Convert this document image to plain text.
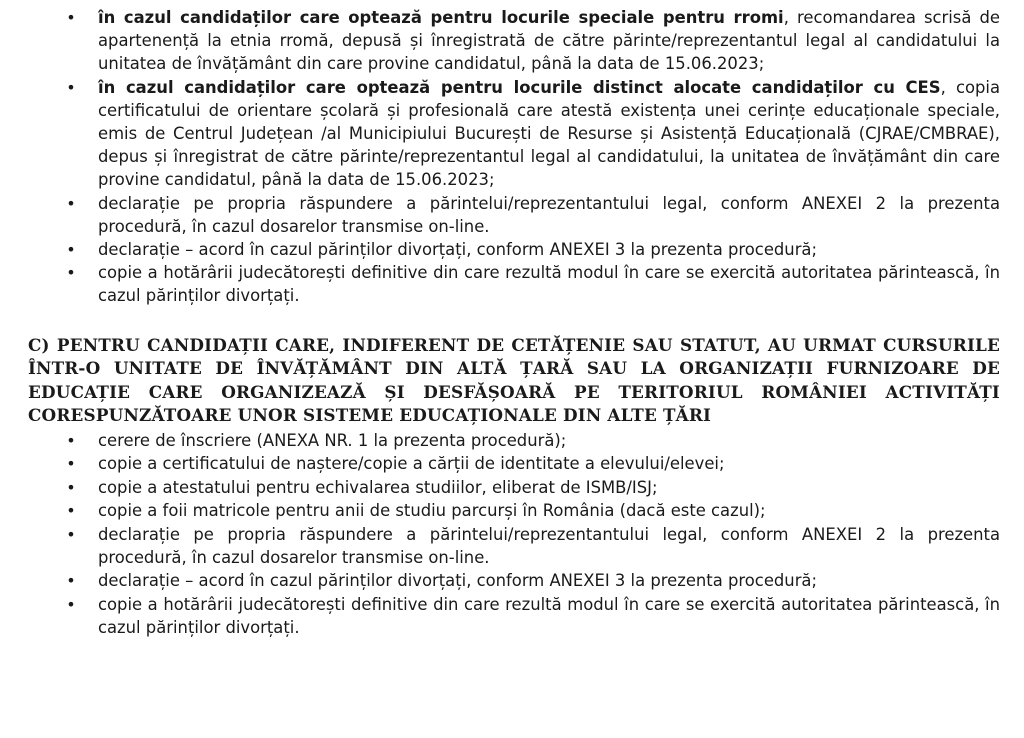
• în cazul candidaților care optează pentru locurile speciale pentru rromi, recomandarea scrisă de apartenență la etnia rromă, depusă și înregistrată de către părinte/reprezentantul legal al candidatului la unitatea de învățământ din care provine candidatul, până la data de 15.06.2023;
• în cazul candidaților care optează pentru locurile distinct alocate candidaților cu CES, copia certificatului de orientare școlară și profesională care atestă existența unei cerințe educaționale speciale, emis de Centrul Județean /al Municipiului București de Resurse și Asistență Educațională (CJRAE/CMBRAE), depus și înregistrat de către părinte/reprezentantul legal al candidatului, la unitatea de învățământ din care provine candidatul, până la data de 15.06.2023;
• declarație pe propria răspundere a părintelui/reprezentantului legal, conform ANEXEI 2 la prezenta procedură, în cazul dosarelor transmise on-line.
• declarație – acord în cazul părinților divorțați, conform ANEXEI 3 la prezenta procedură;
• copie a hotărârii judecătorești definitive din care rezultă modul în care se exercită autoritatea părintească, în cazul părinților divorțați.
C) PENTRU CANDIDAȚII CARE, INDIFERENT DE CETĂȚENIE SAU STATUT, AU URMAT CURSURILE ÎNTR-O UNITATE DE ÎNVĂȚĂMÂNT DIN ALTĂ ȚARĂ SAU LA ORGANIZAȚII FURNIZOARE DE EDUCAȚIE CARE ORGANIZEAZĂ ȘI DESFĂȘOARĂ PE TERITORIUL ROMÂNIEI ACTIVITĂȚI CORESPUNZĂTOARE UNOR SISTEME EDUCAȚIONALE DIN ALTE ȚĂRI
• cerere de înscriere (ANEXA NR. 1 la prezenta procedură);
• copie a certificatului de naștere/copie a cărții de identitate a elevului/elevei;
• copie a atestatului pentru echivalarea studiilor, eliberat de ISMB/ISJ;
• copie a foii matricole pentru anii de studiu parcurși în România (dacă este cazul);
• declarație pe propria răspundere a părintelui/reprezentantului legal, conform ANEXEI 2 la prezenta procedură, în cazul dosarelor transmise on-line.
• declarație – acord în cazul părinților divorțați, conform ANEXEI 3 la prezenta procedură;
• copie a hotărârii judecătorești definitive din care rezultă modul în care se exercită autoritatea părintească, în cazul părinților divorțați.
